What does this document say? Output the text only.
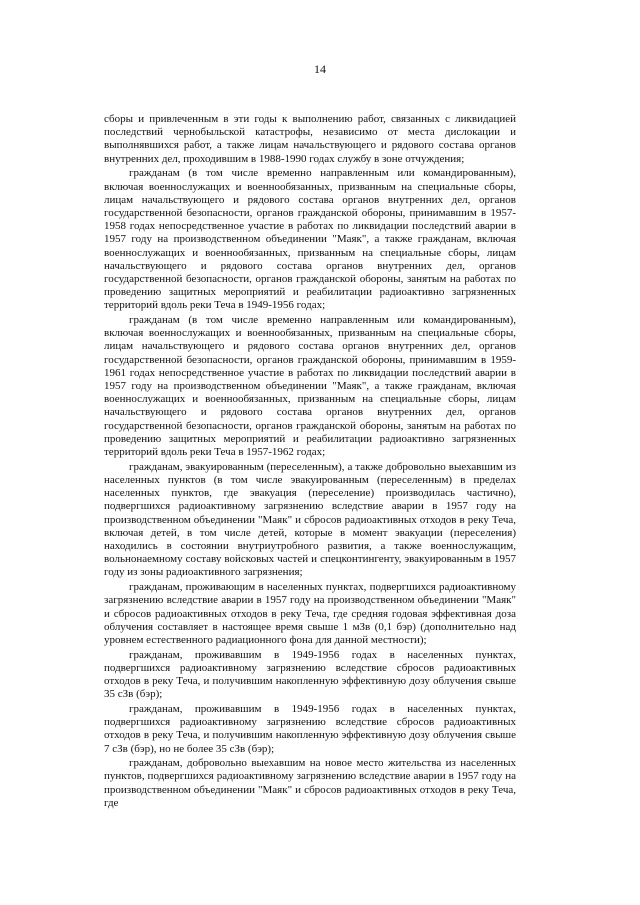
14

сборы и привлеченным в эти годы к выполнению работ, связанных с ликвидацией последствий чернобыльской катастрофы, независимо от места дислокации и выполнявшихся работ, а также лицам начальствующего и рядового состава органов внутренних дел, проходившим в 1988-1990 годах службу в зоне отчуждения;

гражданам (в том числе временно направленным или командированным), включая военнослужащих и военнообязанных, призванным на специальные сборы, лицам начальствующего и рядового состава органов внутренних дел, органов государственной безопасности, органов гражданской обороны, принимавшим в 1957-1958 годах непосредственное участие в работах по ликвидации последствий аварии в 1957 году на производственном объединении "Маяк", а также гражданам, включая военнослужащих и военнообязанных, призванным на специальные сборы, лицам начальствующего и рядового состава органов внутренних дел, органов государственной безопасности, органов гражданской обороны, занятым на работах по проведению защитных мероприятий и реабилитации радиоактивно загрязненных территорий вдоль реки Теча в 1949-1956 годах;

гражданам (в том числе временно направленным или командированным), включая военнослужащих и военнообязанных, призванным на специальные сборы, лицам начальствующего и рядового состава органов внутренних дел, органов государственной безопасности, органов гражданской обороны, принимавшим в 1959-1961 годах непосредственное участие в работах по ликвидации последствий аварии в 1957 году на производственном объединении "Маяк", а также гражданам, включая военнослужащих и военнообязанных, призванным на специальные сборы, лицам начальствующего и рядового состава органов внутренних дел, органов государственной безопасности, органов гражданской обороны, занятым на работах по проведению защитных мероприятий и реабилитации радиоактивно загрязненных территорий вдоль реки Теча в 1957-1962 годах;

гражданам, эвакуированным (переселенным), а также добровольно выехавшим из населенных пунктов (в том числе эвакуированным (переселенным) в пределах населенных пунктов, где эвакуация (переселение) производилась частично), подвергшихся радиоактивному загрязнению вследствие аварии в 1957 году на производственном объединении "Маяк" и сбросов радиоактивных отходов в реку Теча, включая детей, в том числе детей, которые в момент эвакуации (переселения) находились в состоянии внутриутробного развития, а также военнослужащим, вольнонаемному составу войсковых частей и спецконтингенту, эвакуированным в 1957 году из зоны радиоактивного загрязнения;

гражданам, проживающим в населенных пунктах, подвергшихся радиоактивному загрязнению вследствие аварии в 1957 году на производственном объединении "Маяк" и сбросов радиоактивных отходов в реку Теча, где средняя годовая эффективная доза облучения составляет в настоящее время свыше 1 мЗв (0,1 бэр) (дополнительно над уровнем естественного радиационного фона для данной местности);

гражданам, проживавшим в 1949-1956 годах в населенных пунктах, подвергшихся радиоактивному загрязнению вследствие сбросов радиоактивных отходов в реку Теча, и получившим накопленную эффективную дозу облучения свыше 35 сЗв (бэр);

гражданам, проживавшим в 1949-1956 годах в населенных пунктах, подвергшихся радиоактивному загрязнению вследствие сбросов радиоактивных отходов в реку Теча, и получившим накопленную эффективную дозу облучения свыше 7 сЗв (бэр), но не более 35 сЗв (бэр);

гражданам, добровольно выехавшим на новое место жительства из населенных пунктов, подвергшихся радиоактивному загрязнению вследствие аварии в 1957 году на производственном объединении "Маяк" и сбросов радиоактивных отходов в реку Теча, где
